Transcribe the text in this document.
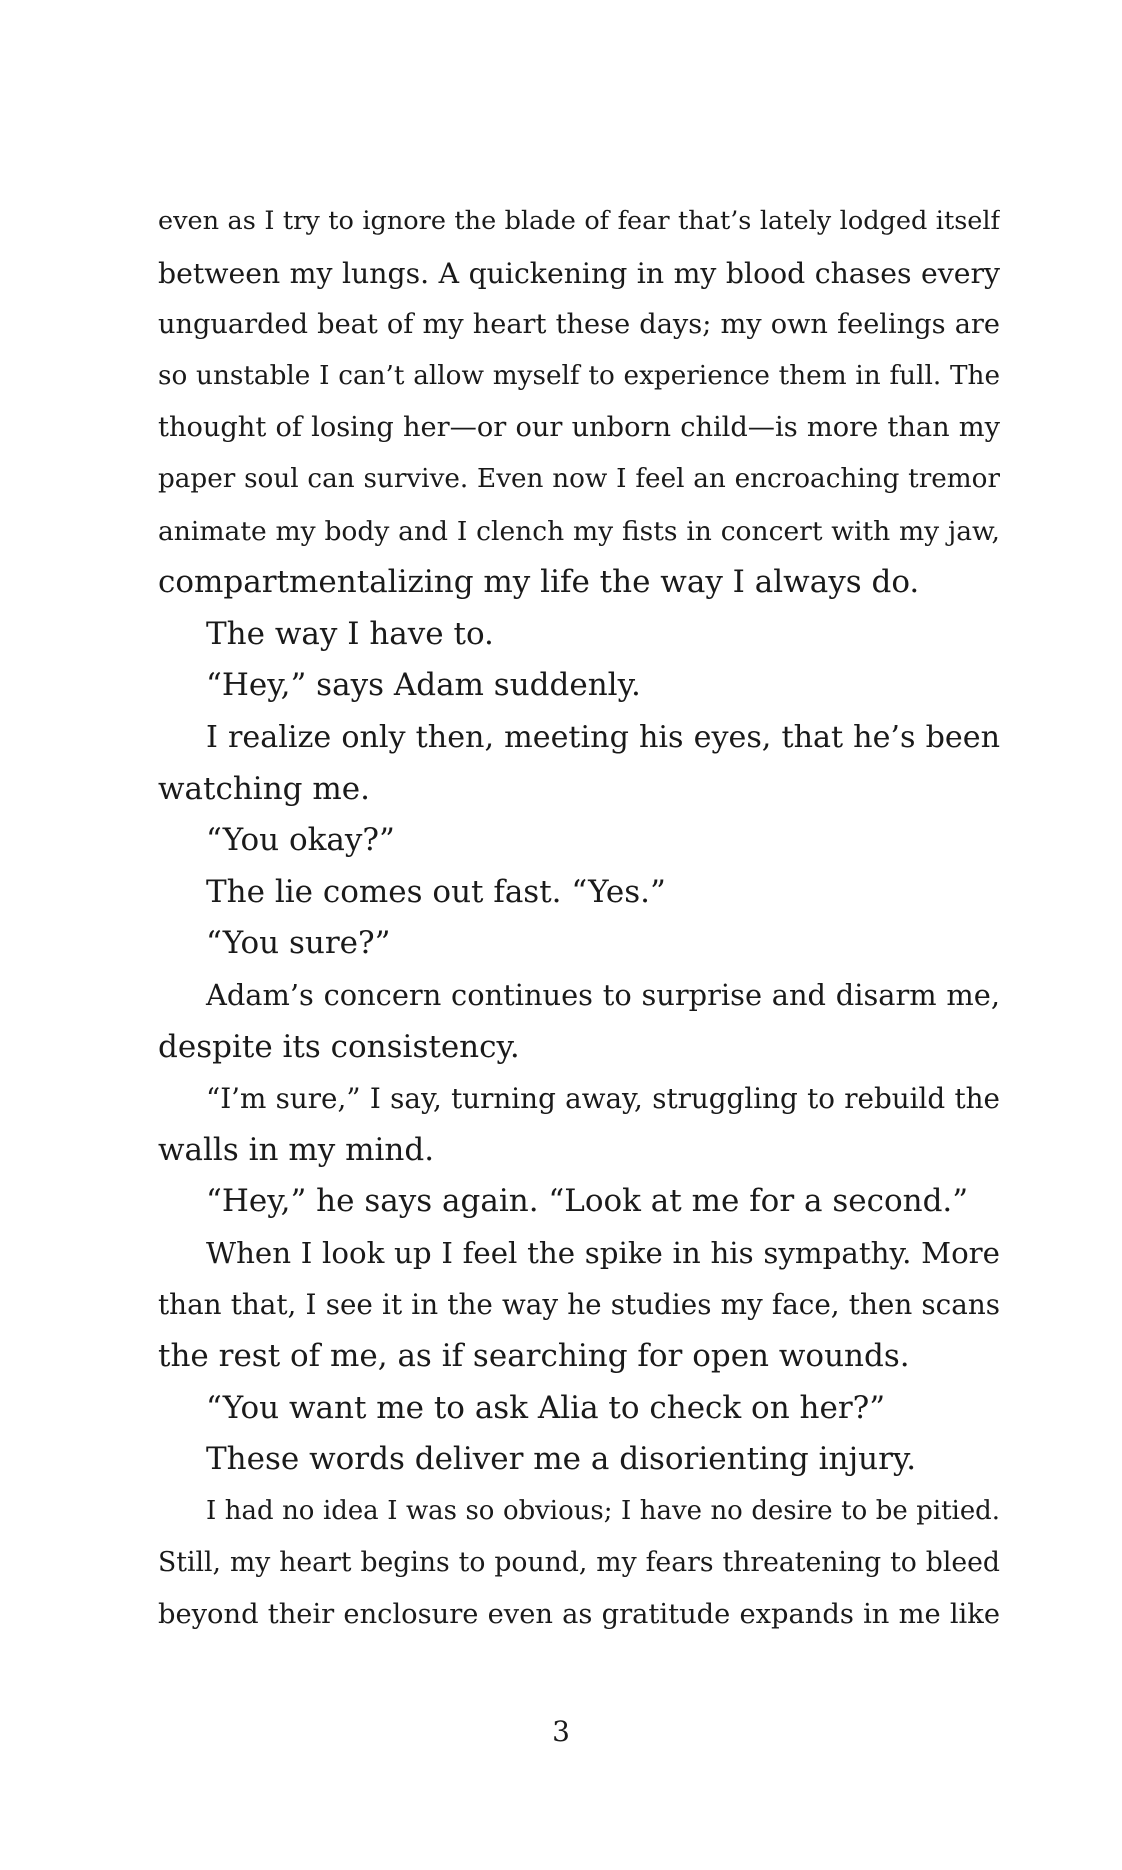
even as I try to ignore the blade of fear that’s lately lodged itself
between my lungs. A quickening in my blood chases every
unguarded beat of my heart these days; my own feelings are
so unstable I can’t allow myself to experience them in full. The
thought of losing her—or our unborn child—is more than my
paper soul can survive. Even now I feel an encroaching tremor
animate my body and I clench my fists in concert with my jaw,
compartmentalizing my life the way I always do.
The way I have to.
“Hey,” says Adam suddenly.
I realize only then, meeting his eyes, that he’s been
watching me.
“You okay?”
The lie comes out fast. “Yes.”
“You sure?”
Adam’s concern continues to surprise and disarm me,
despite its consistency.
“I’m sure,” I say, turning away, struggling to rebuild the
walls in my mind.
“Hey,” he says again. “Look at me for a second.”
When I look up I feel the spike in his sympathy. More
than that, I see it in the way he studies my face, then scans
the rest of me, as if searching for open wounds.
“You want me to ask Alia to check on her?”
These words deliver me a disorienting injury.
I had no idea I was so obvious; I have no desire to be pitied.
Still, my heart begins to pound, my fears threatening to bleed
beyond their enclosure even as gratitude expands in me like
3
